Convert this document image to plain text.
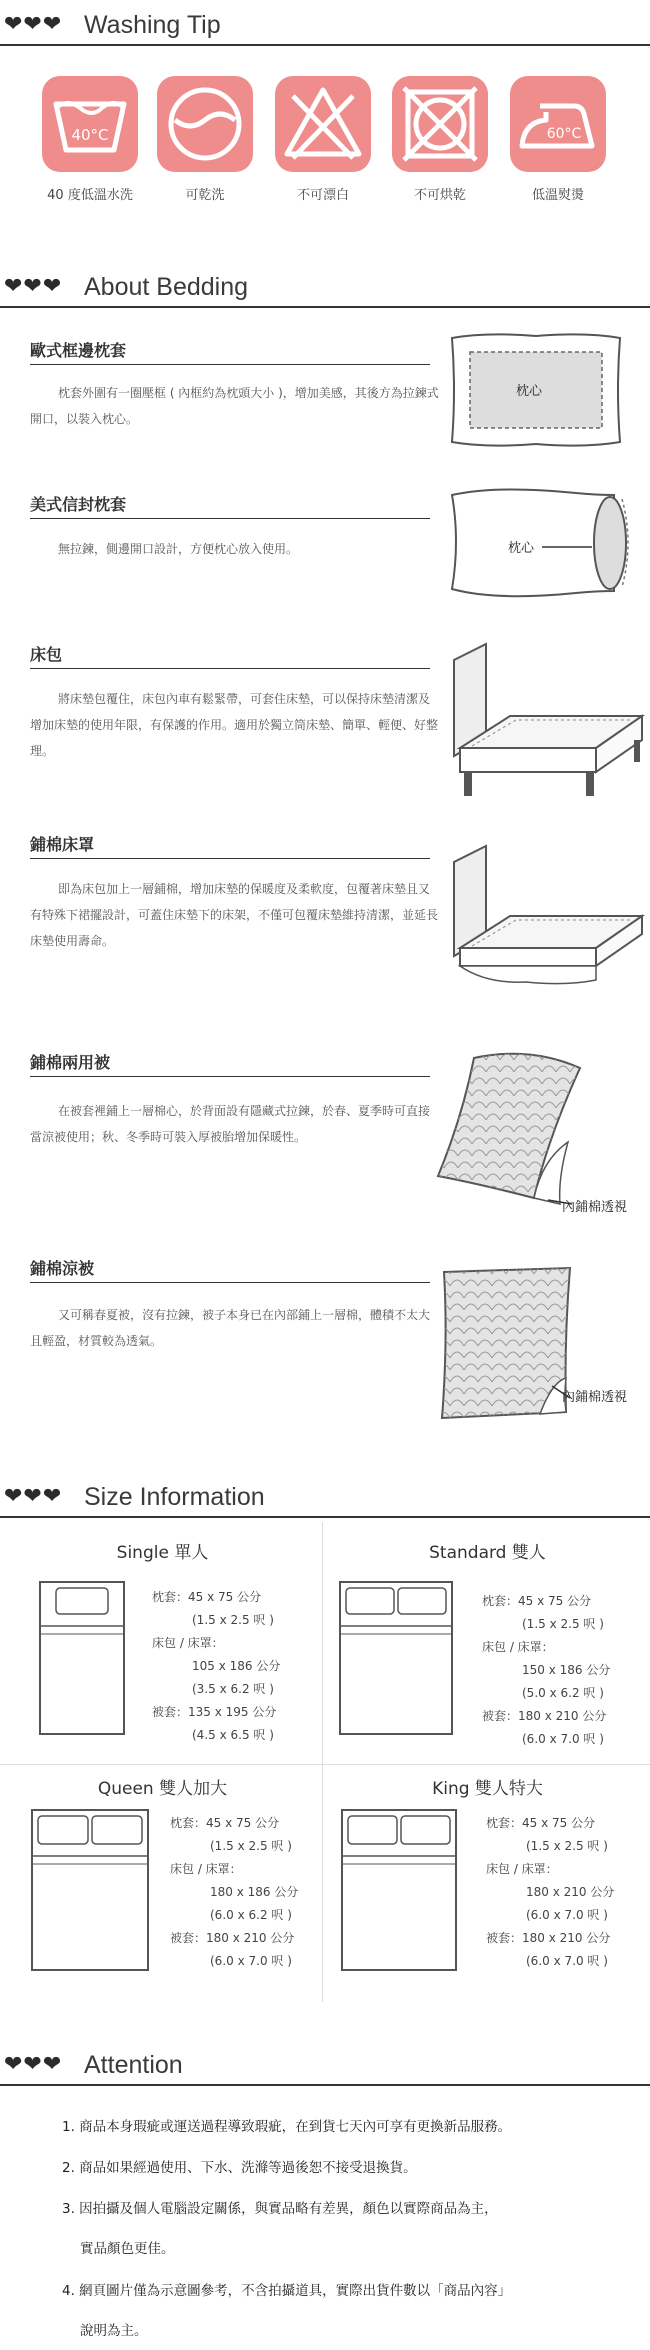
❤❤❤ Washing Tip
40°C	60°C
40 度低溫水洗	可乾洗	不可漂白	不可烘乾	低溫熨燙
❤❤❤ About Bedding
歐式框邊枕套
枕套外圍有一圈壓框 ( 內框約為枕頭大小 )，增加美感，其後方為拉鍊式開口，以裝入枕心。
枕心
美式信封枕套
無拉鍊，側邊開口設計，方便枕心放入使用。	枕心
床包
將床墊包覆住，床包內車有鬆緊帶，可套住床墊，可以保持床墊清潔及增加床墊的使用年限，有保護的作用。適用於獨立筒床墊、簡單、輕便、好整理。
鋪棉床罩
即為床包加上一層鋪棉，增加床墊的保暖度及柔軟度，包覆著床墊且又有特殊下裙擺設計，可蓋住床墊下的床架，不僅可包覆床墊維持清潔，並延長床墊使用壽命。
鋪棉兩用被
在被套裡鋪上一層棉心，於背面設有隱藏式拉鍊，於春、夏季時可直接當涼被使用；秋、冬季時可裝入厚被胎增加保暖性。
內鋪棉透視
鋪棉涼被
又可稱春夏被，沒有拉鍊，被子本身已在內部鋪上一層棉，體積不太大且輕盈，材質較為透氣。
內鋪棉透視
❤❤❤ Size Information
Single 單人
枕套：45 x 75 公分
(1.5 x 2.5 呎 )
床包 / 床罩：
105 x 186 公分
(3.5 x 6.2 呎 )
被套：135 x 195 公分
(4.5 x 6.5 呎 )
Standard 雙人
枕套：45 x 75 公分
(1.5 x 2.5 呎 )
床包 / 床罩：
150 x 186 公分
(5.0 x 6.2 呎 )
被套：180 x 210 公分
(6.0 x 7.0 呎 )
Queen 雙人加大
枕套：45 x 75 公分
(1.5 x 2.5 呎 )
床包 / 床罩：
180 x 186 公分
(6.0 x 6.2 呎 )
被套：180 x 210 公分
(6.0 x 7.0 呎 )
King 雙人特大
枕套：45 x 75 公分
(1.5 x 2.5 呎 )
床包 / 床罩：
180 x 210 公分
(6.0 x 7.0 呎 )
被套：180 x 210 公分
(6.0 x 7.0 呎 )
❤❤❤ Attention
1. 商品本身瑕疵或運送過程導致瑕疵，在到貨七天內可享有更換新品服務。
2. 商品如果經過使用、下水、洗滌等過後恕不接受退換貨。
3. 因拍攝及個人電腦設定關係，與實品略有差異，顏色以實際商品為主，
實品顏色更佳。
4. 網頁圖片僅為示意圖參考，不含拍攝道具，實際出貨件數以「商品內容」
說明為主。
